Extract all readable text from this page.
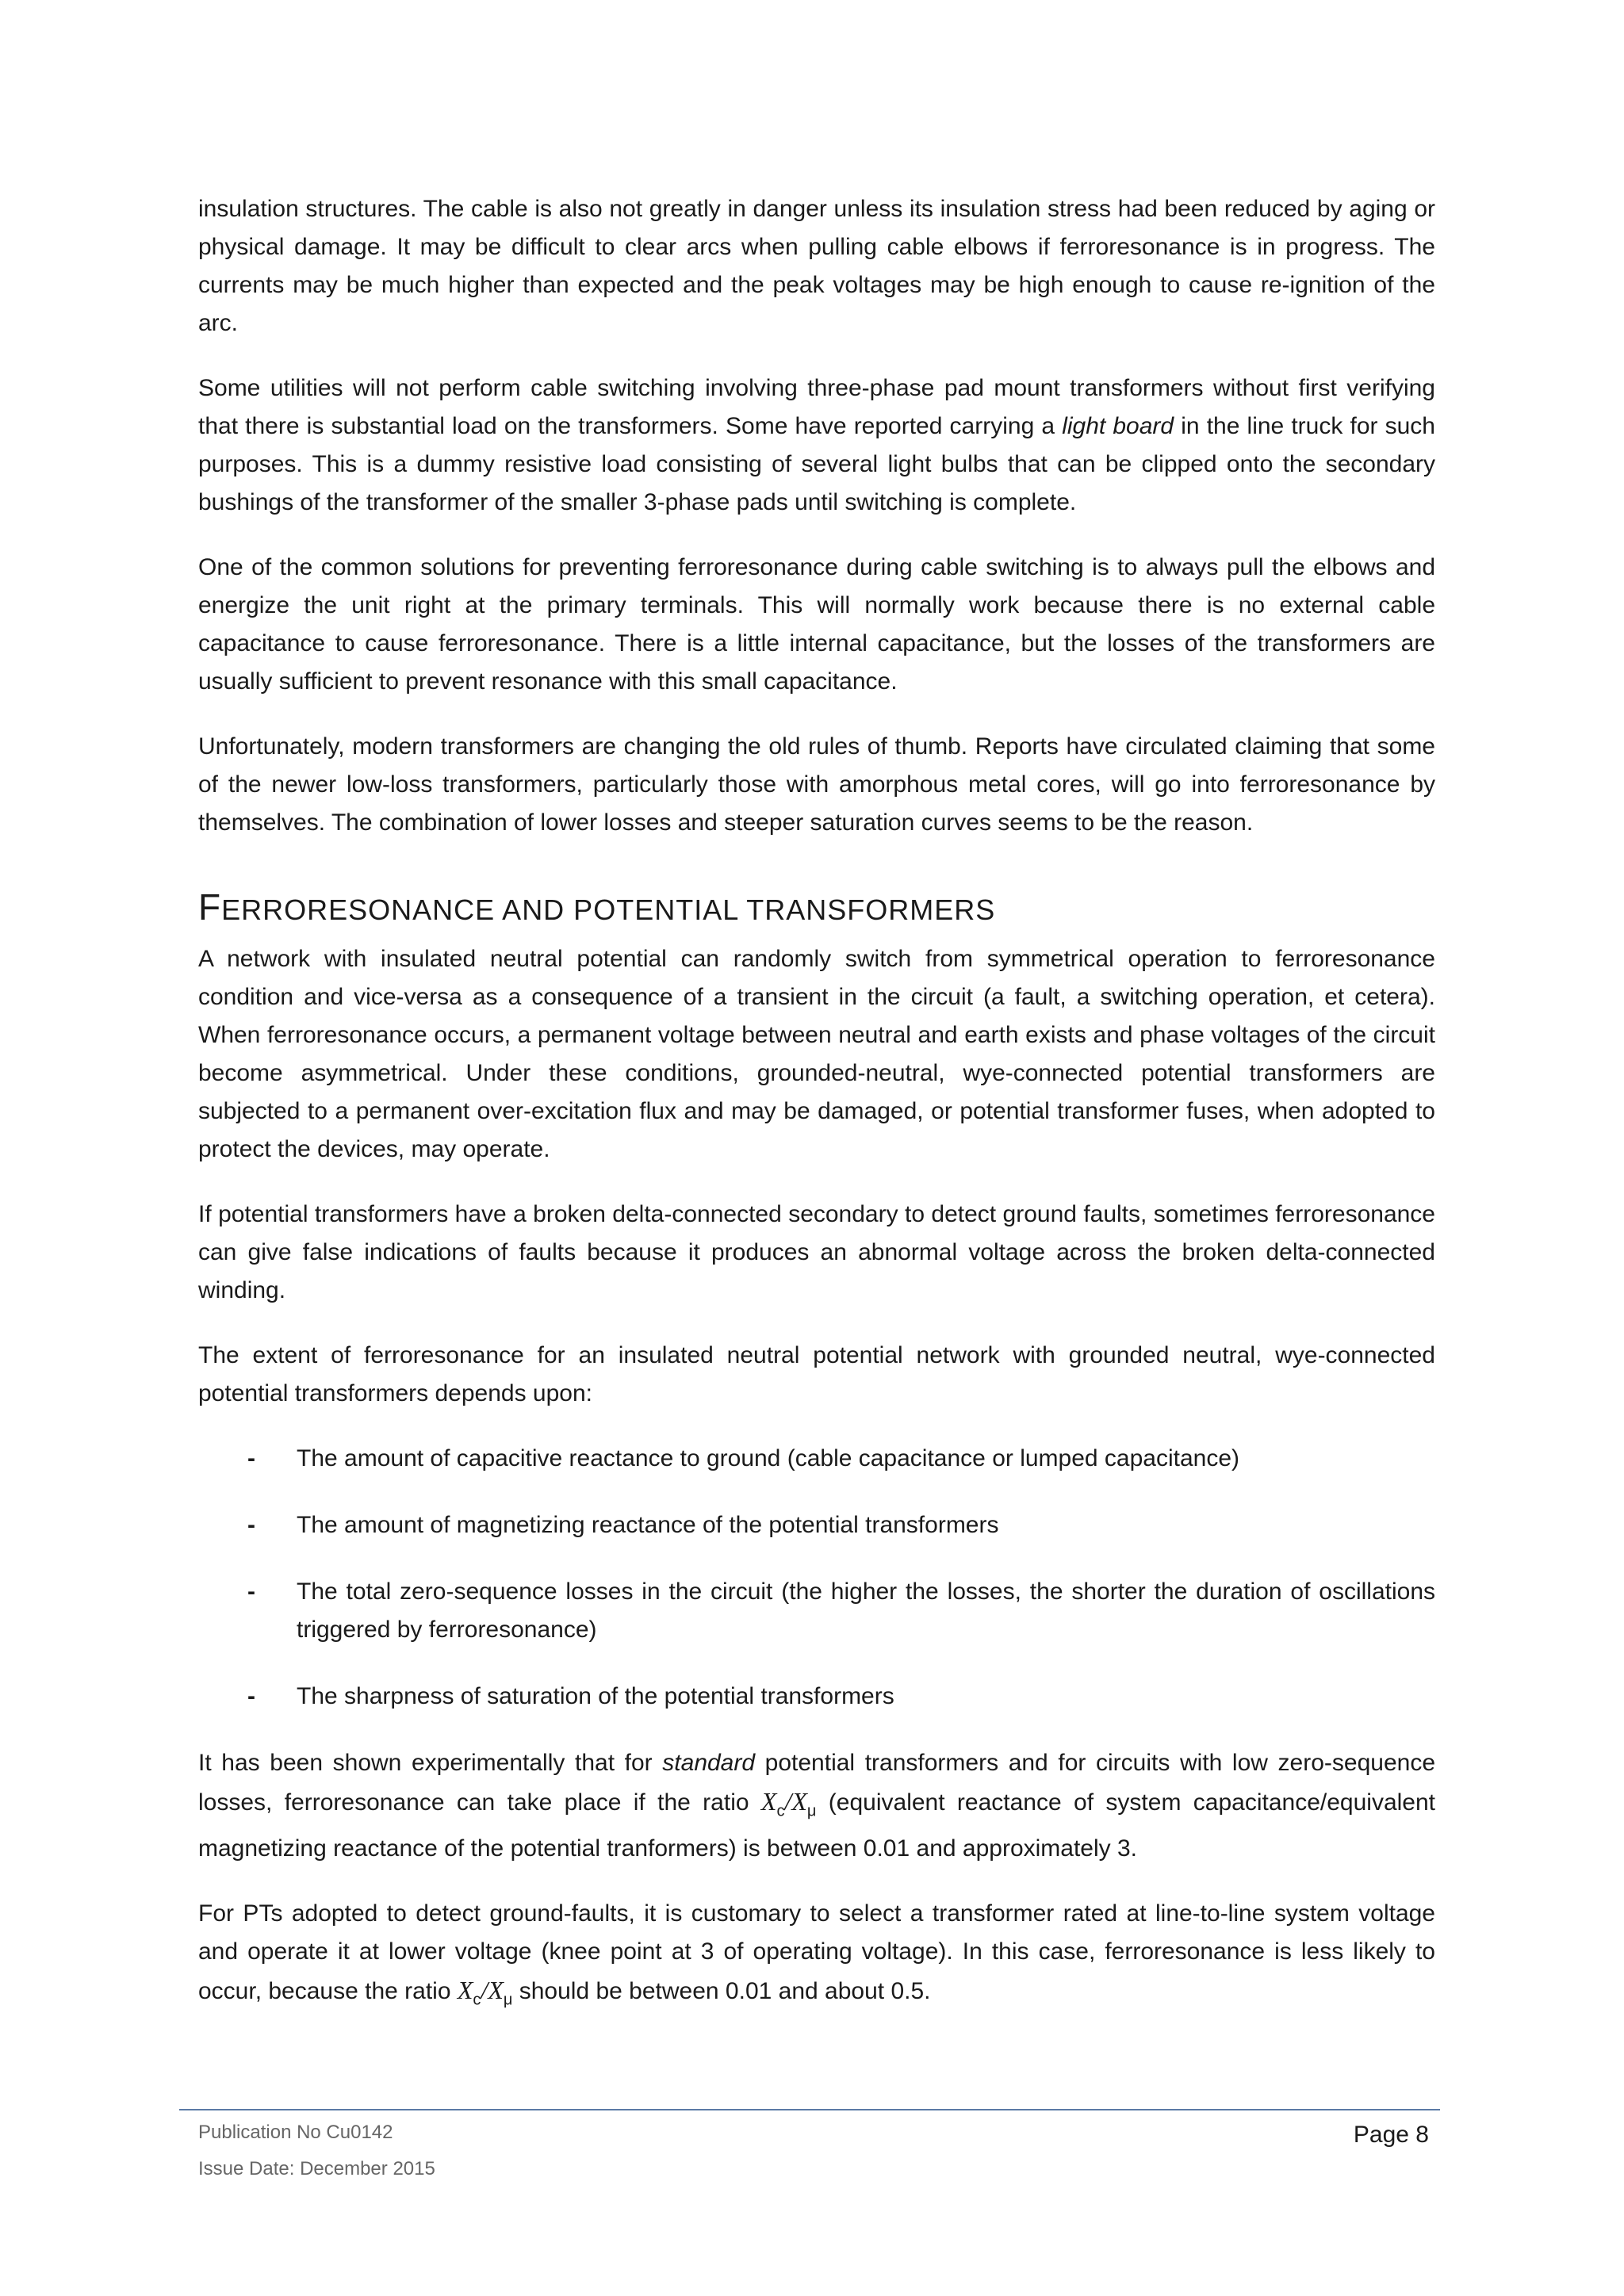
insulation structures. The cable is also not greatly in danger unless its insulation stress had been reduced by aging or physical damage. It may be difficult to clear arcs when pulling cable elbows if ferroresonance is in progress. The currents may be much higher than expected and the peak voltages may be high enough to cause re-ignition of the arc.

Some utilities will not perform cable switching involving three-phase pad mount transformers without first verifying that there is substantial load on the transformers. Some have reported carrying a light board in the line truck for such purposes. This is a dummy resistive load consisting of several light bulbs that can be clipped onto the secondary bushings of the transformer of the smaller 3-phase pads until switching is complete.

One of the common solutions for preventing ferroresonance during cable switching is to always pull the elbows and energize the unit right at the primary terminals. This will normally work because there is no external cable capacitance to cause ferroresonance. There is a little internal capacitance, but the losses of the transformers are usually sufficient to prevent resonance with this small capacitance.

Unfortunately, modern transformers are changing the old rules of thumb. Reports have circulated claiming that some of the newer low-loss transformers, particularly those with amorphous metal cores, will go into ferroresonance by themselves. The combination of lower losses and steeper saturation curves seems to be the reason.

FERRORESONANCE AND POTENTIAL TRANSFORMERS

A network with insulated neutral potential can randomly switch from symmetrical operation to ferroresonance condition and vice-versa as a consequence of a transient in the circuit (a fault, a switching operation, et cetera). When ferroresonance occurs, a permanent voltage between neutral and earth exists and phase voltages of the circuit become asymmetrical. Under these conditions, grounded-neutral, wye-connected potential transformers are subjected to a permanent over-excitation flux and may be damaged, or potential transformer fuses, when adopted to protect the devices, may operate.

If potential transformers have a broken delta-connected secondary to detect ground faults, sometimes ferroresonance can give false indications of faults because it produces an abnormal voltage across the broken delta-connected winding.

The extent of ferroresonance for an insulated neutral potential network with grounded neutral, wye-connected potential transformers depends upon:

- The amount of capacitive reactance to ground (cable capacitance or lumped capacitance)
- The amount of magnetizing reactance of the potential transformers
- The total zero-sequence losses in the circuit (the higher the losses, the shorter the duration of oscillations triggered by ferroresonance)
- The sharpness of saturation of the potential transformers

It has been shown experimentally that for standard potential transformers and for circuits with low zero-sequence losses, ferroresonance can take place if the ratio $X_c/X_\mu$ (equivalent reactance of system capacitance/equivalent magnetizing reactance of the potential tranformers) is between 0.01 and approximately 3.

For PTs adopted to detect ground-faults, it is customary to select a transformer rated at line-to-line system voltage and operate it at lower voltage (knee point at 3 of operating voltage). In this case, ferroresonance is less likely to occur, because the ratio $X_c/X_\mu$ should be between 0.01 and about 0.5.

Publication No Cu0142
Issue Date: December 2015
Page 8
